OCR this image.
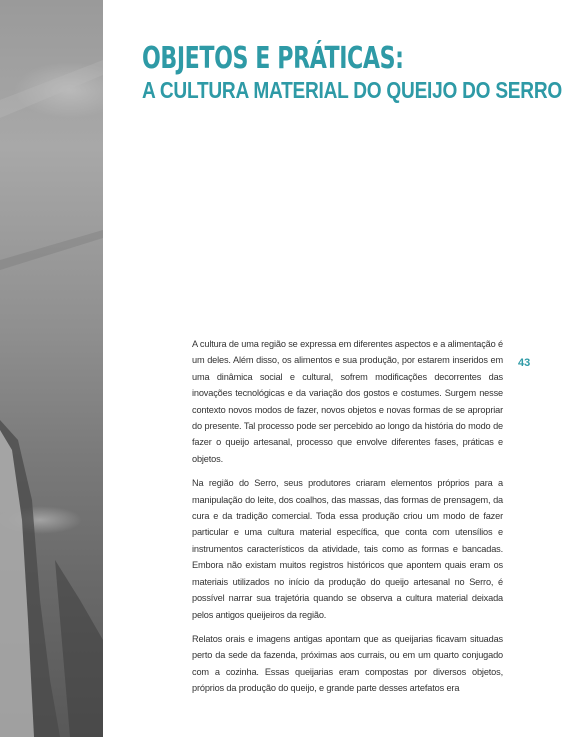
OBJETOS E PRÁTICAS:
A CULTURA MATERIAL DO QUEIJO DO SERRO
43

A cultura de uma região se expressa em diferentes aspectos e a alimentação é um deles. Além disso, os alimentos e sua produção, por estarem inseridos em uma dinâmica social e cultural, sofrem modificações decorrentes das inovações tecnológicas e da variação dos gostos e costumes. Surgem nesse contexto novos modos de fazer, novos objetos e novas formas de se apropriar do presente. Tal processo pode ser percebido ao longo da história do modo de fazer o queijo artesanal, processo que envolve diferentes fases, práticas e objetos.

Na região do Serro, seus produtores criaram elementos próprios para a manipulação do leite, dos coalhos, das massas, das formas de prensagem, da cura e da tradição comercial. Toda essa produção criou um modo de fazer particular e uma cultura material específica, que conta com utensílios e instrumentos característicos da atividade, tais como as formas e bancadas. Embora não existam muitos registros históricos que apontem quais eram os materiais utilizados no início da produção do queijo artesanal no Serro, é possível narrar sua trajetória quando se observa a cultura material deixada pelos antigos queijeiros da região.

Relatos orais e imagens antigas apontam que as queijarias ficavam situadas perto da sede da fazenda, próximas aos currais, ou em um quarto conjugado com a cozinha. Essas queijarias eram compostas por diversos objetos, próprios da produção do queijo, e grande parte desses artefatos era
